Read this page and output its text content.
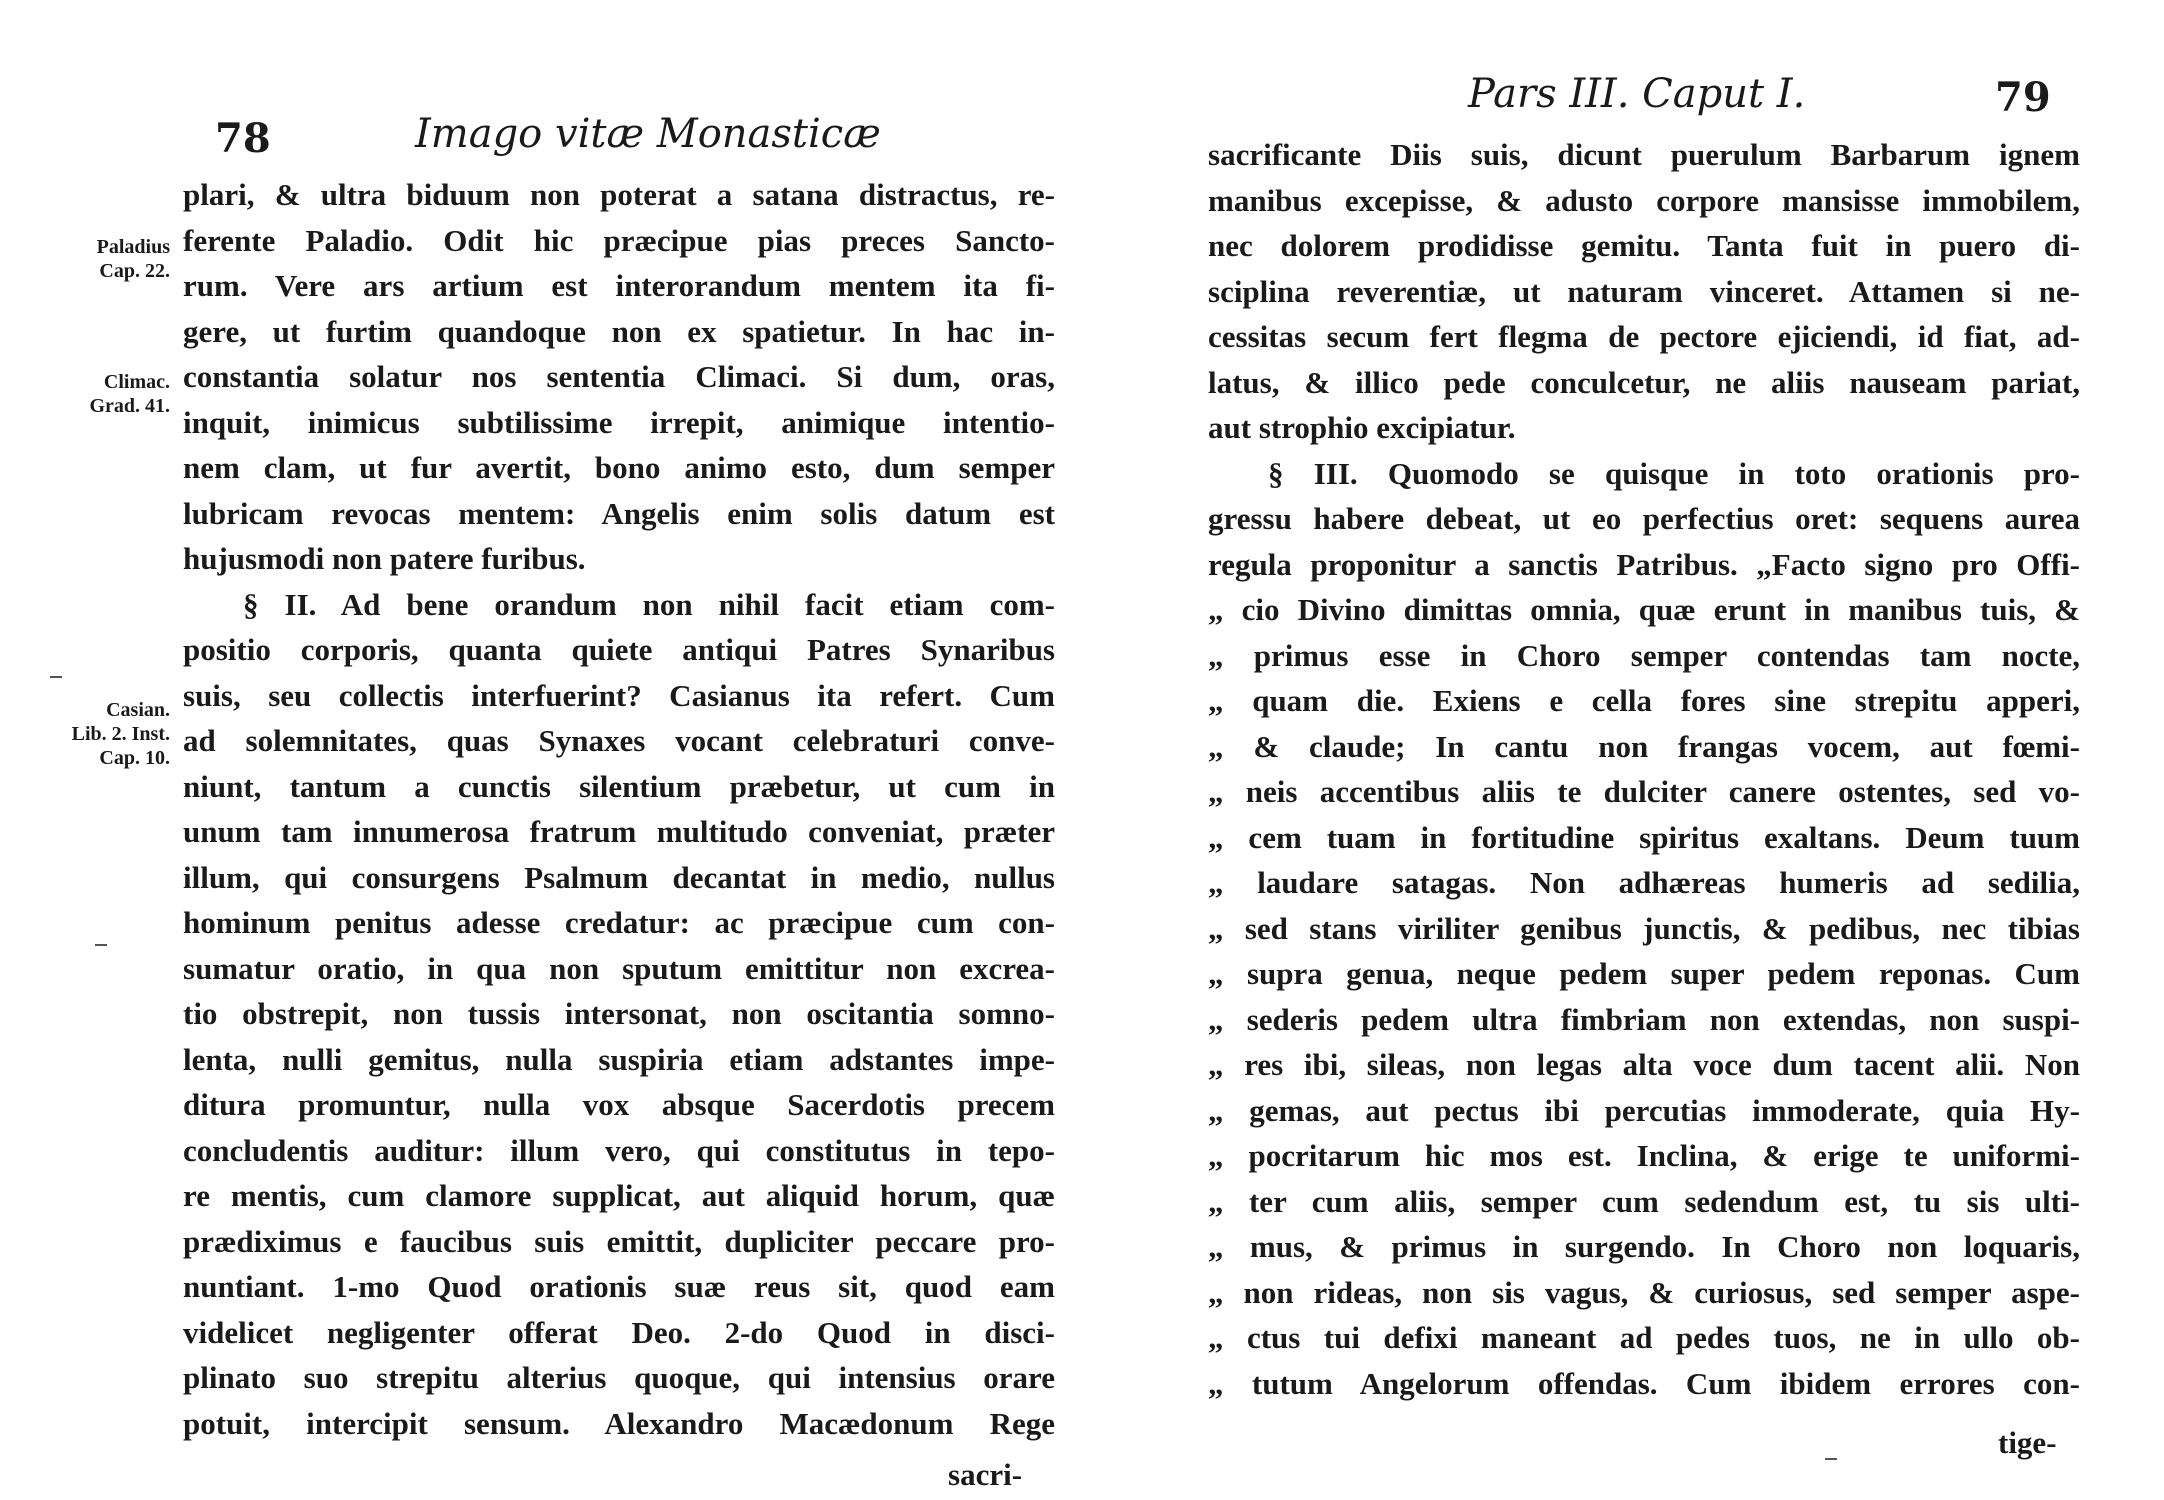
78	Imago vitæ Monasticæ
Paladius
Cap. 22.
Climac.
Grad. 41.
Casian.
Lib. 2. Inst.
Cap. 10.
plari, & ultra biduum non poterat a satana distractus, re-
ferente Paladio. Odit hic præcipue pias preces Sancto-
rum. Vere ars artium est interorandum mentem ita fi-
gere, ut furtim quandoque non ex spatietur. In hac in-
constantia solatur nos sententia Climaci. Si dum, oras,
inquit, inimicus subtilissime irrepit, animique intentio-
nem clam, ut fur avertit, bono animo esto, dum semper
lubricam revocas mentem: Angelis enim solis datum est
hujusmodi non patere furibus.
§ II. Ad bene orandum non nihil facit etiam com-
positio corporis, quanta quiete antiqui Patres Synaribus
suis, seu collectis interfuerint? Casianus ita refert. Cum
ad solemnitates, quas Synaxes vocant celebraturi conve-
niunt, tantum a cunctis silentium præbetur, ut cum in
unum tam innumerosa fratrum multitudo conveniat, præter
illum, qui consurgens Psalmum decantat in medio, nullus
hominum penitus adesse credatur: ac præcipue cum con-
sumatur oratio, in qua non sputum emittitur non excrea-
tio obstrepit, non tussis intersonat, non oscitantia somno-
lenta, nulli gemitus, nulla suspiria etiam adstantes impe-
ditura promuntur, nulla vox absque Sacerdotis precem
concludentis auditur: illum vero, qui constitutus in tepo-
re mentis, cum clamore supplicat, aut aliquid horum, quæ
prædiximus e faucibus suis emittit, dupliciter peccare pro-
nuntiant. 1-mo Quod orationis suæ reus sit, quod eam
videlicet negligenter offerat Deo. 2-do Quod in disci-
plinato suo strepitu alterius quoque, qui intensius orare
potuit, intercipit sensum. Alexandro Macædonum Rege
sacri-
Pars III. Caput I.	79
sacrificante Diis suis, dicunt puerulum Barbarum ignem
manibus excepisse, & adusto corpore mansisse immobilem,
nec dolorem prodidisse gemitu. Tanta fuit in puero di-
sciplina reverentiæ, ut naturam vinceret. Attamen si ne-
cessitas secum fert flegma de pectore ejiciendi, id fiat, ad-
latus, & illico pede conculcetur, ne aliis nauseam pariat,
aut strophio excipiatur.
§ III. Quomodo se quisque in toto orationis pro-
gressu habere debeat, ut eo perfectius oret: sequens aurea
regula proponitur a sanctis Patribus. „Facto signo pro Offi-
„ cio Divino dimittas omnia, quæ erunt in manibus tuis, &
„ primus esse in Choro semper contendas tam nocte,
„ quam die. Exiens e cella fores sine strepitu apperi,
„ & claude; In cantu non frangas vocem, aut fœmi-
„ neis accentibus aliis te dulciter canere ostentes, sed vo-
„ cem tuam in fortitudine spiritus exaltans. Deum tuum
„ laudare satagas. Non adhæreas humeris ad sedilia,
„ sed stans viriliter genibus junctis, & pedibus, nec tibias
„ supra genua, neque pedem super pedem reponas. Cum
„ sederis pedem ultra fimbriam non extendas, non suspi-
„ res ibi, sileas, non legas alta voce dum tacent alii. Non
„ gemas, aut pectus ibi percutias immoderate, quia Hy-
„ pocritarum hic mos est. Inclina, & erige te uniformi-
„ ter cum aliis, semper cum sedendum est, tu sis ulti-
„ mus, & primus in surgendo. In Choro non loquaris,
„ non rideas, non sis vagus, & curiosus, sed semper aspe-
„ ctus tui defixi maneant ad pedes tuos, ne in ullo ob-
„ tutum Angelorum offendas. Cum ibidem errores con-
tige-
